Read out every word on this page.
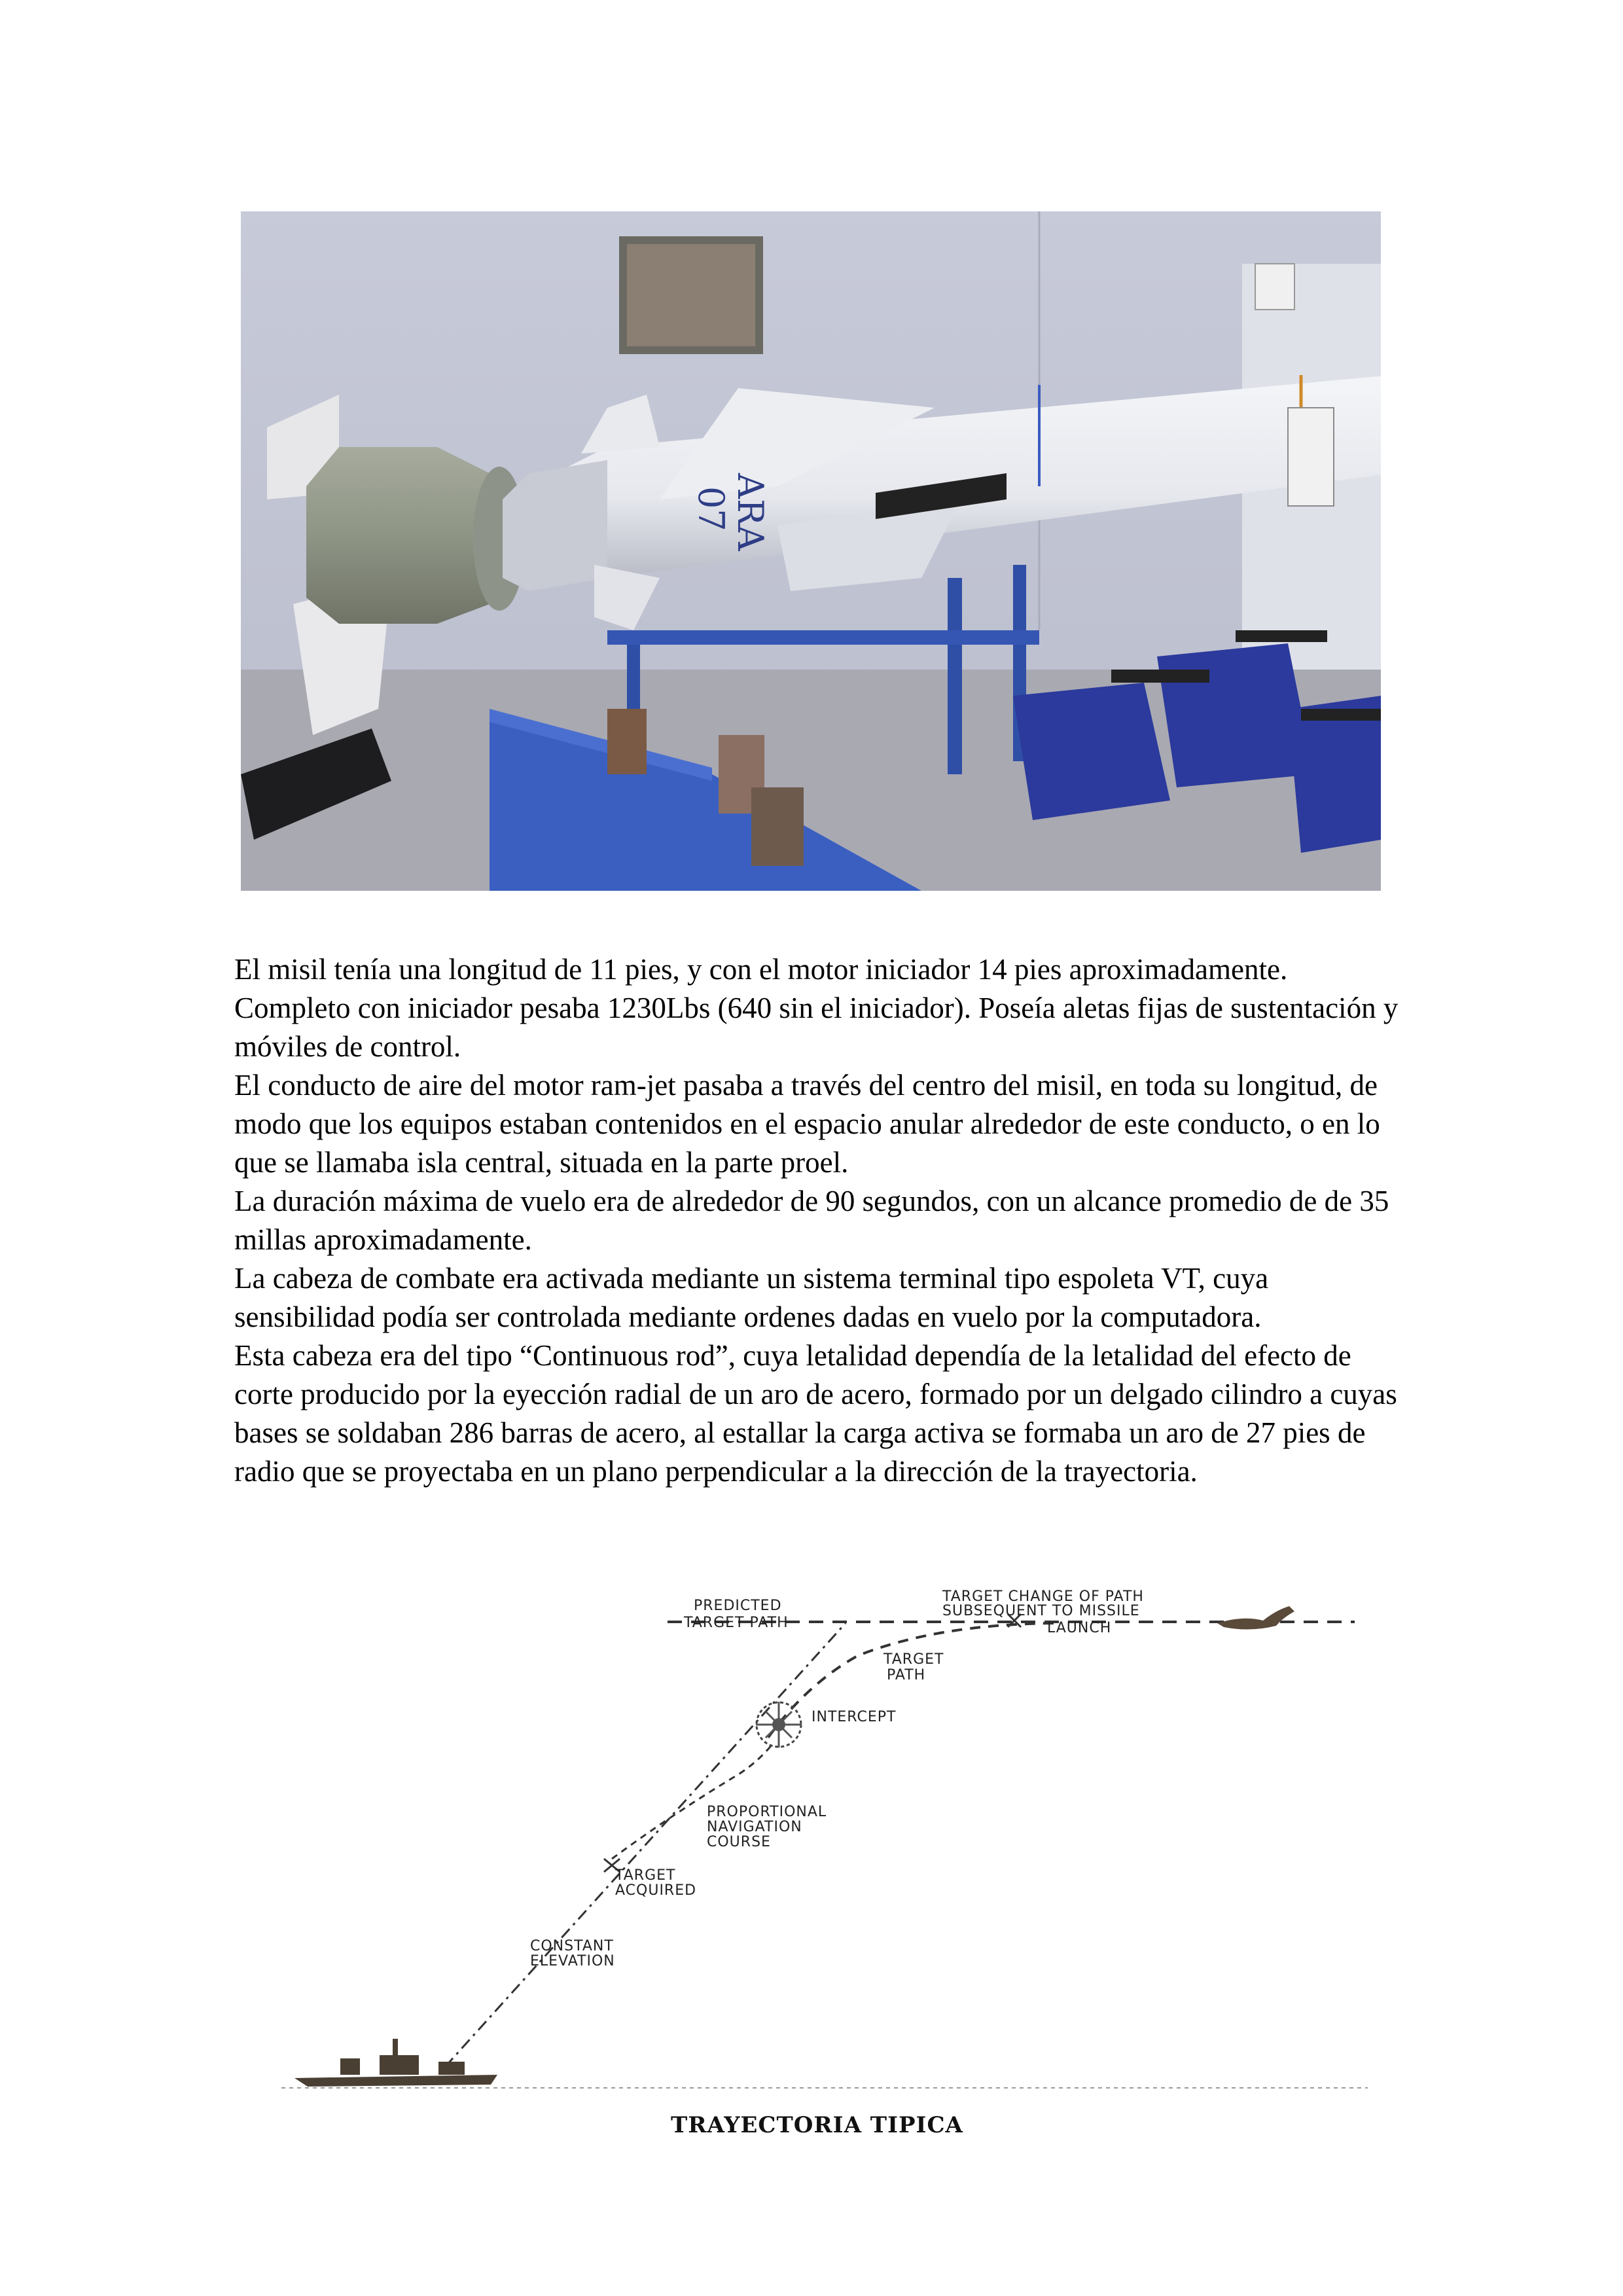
ARA
07

El misil tenía una longitud de 11 pies, y con el motor iniciador 14 pies aproximadamente. Completo con iniciador pesaba 1230Lbs (640 sin el iniciador). Poseía aletas fijas de sustentación y móviles de control.

El conducto de aire del motor ram-jet pasaba a través del centro del misil, en toda su longitud, de modo que los equipos estaban contenidos en el espacio anular alrededor de este conducto, o en lo que se llamaba isla central, situada en la parte proel.

La duración máxima de vuelo era de alrededor de 90 segundos, con un alcance promedio de de 35 millas aproximadamente.

La cabeza de combate era activada mediante un sistema terminal tipo espoleta VT, cuya sensibilidad podía ser controlada mediante ordenes dadas en vuelo por la computadora.

Esta cabeza era del tipo “Continuous rod”, cuya letalidad dependía de la letalidad del efecto de corte producido por la eyección radial de un aro de acero, formado por un delgado cilindro a cuyas bases se soldaban 286 barras de acero, al estallar la carga activa se formaba un aro de 27 pies de radio que se proyectaba en un plano perpendicular a la dirección de la trayectoria.

PREDICTED
TARGET PATH
TARGET CHANGE OF PATH
SUBSEQUENT TO MISSILE
LAUNCH
TARGET
PATH
INTERCEPT
PROPORTIONAL
NAVIGATION
COURSE
TARGET
ACQUIRED
CONSTANT
ELEVATION
TRAYECTORIA TIPICA
